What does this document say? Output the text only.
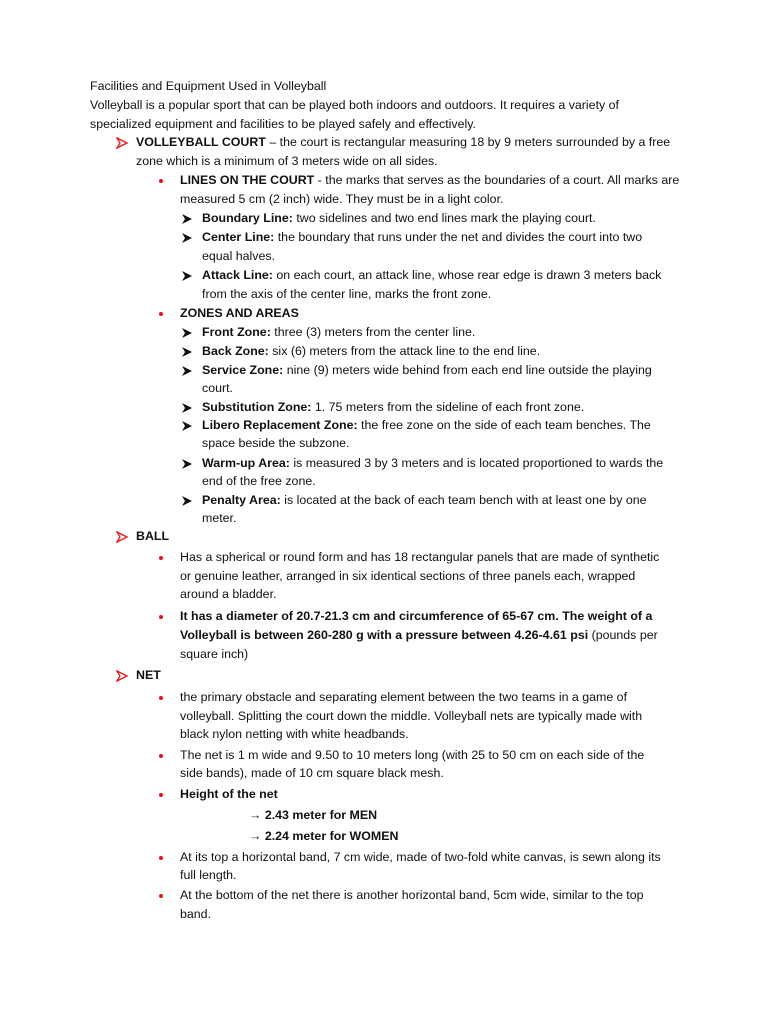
Facilities and Equipment Used in Volleyball
Volleyball is a popular sport that can be played both indoors and outdoors. It requires a variety of
specialized equipment and facilities to be played safely and effectively.
VOLLEYBALL COURT – the court is rectangular measuring 18 by 9 meters surrounded by a free
zone which is a minimum of 3 meters wide on all sides.
LINES ON THE COURT - the marks that serves as the boundaries of a court. All marks are
measured 5 cm (2 inch) wide. They must be in a light color.
Boundary Line: two sidelines and two end lines mark the playing court.
Center Line: the boundary that runs under the net and divides the court into two
equal halves.
Attack Line: on each court, an attack line, whose rear edge is drawn 3 meters back
from the axis of the center line, marks the front zone.
ZONES AND AREAS
Front Zone: three (3) meters from the center line.
Back Zone: six (6) meters from the attack line to the end line.
Service Zone: nine (9) meters wide behind from each end line outside the playing
court.
Substitution Zone: 1. 75 meters from the sideline of each front zone.
Libero Replacement Zone: the free zone on the side of each team benches. The
space beside the subzone.
Warm-up Area: is measured 3 by 3 meters and is located proportioned to wards the
end of the free zone.
Penalty Area: is located at the back of each team bench with at least one by one
meter.
BALL
Has a spherical or round form and has 18 rectangular panels that are made of synthetic
or genuine leather, arranged in six identical sections of three panels each, wrapped
around a bladder.
It has a diameter of 20.7-21.3 cm and circumference of 65-67 cm. The weight of a
Volleyball is between 260-280 g with a pressure between 4.26-4.61 psi (pounds per
square inch)
NET
the primary obstacle and separating element between the two teams in a game of
volleyball. Splitting the court down the middle. Volleyball nets are typically made with
black nylon netting with white headbands.
The net is 1 m wide and 9.50 to 10 meters long (with 25 to 50 cm on each side of the
side bands), made of 10 cm square black mesh.
Height of the net
→ 2.43 meter for MEN
→ 2.24 meter for WOMEN
At its top a horizontal band, 7 cm wide, made of two-fold white canvas, is sewn along its
full length.
At the bottom of the net there is another horizontal band, 5cm wide, similar to the top
band.
